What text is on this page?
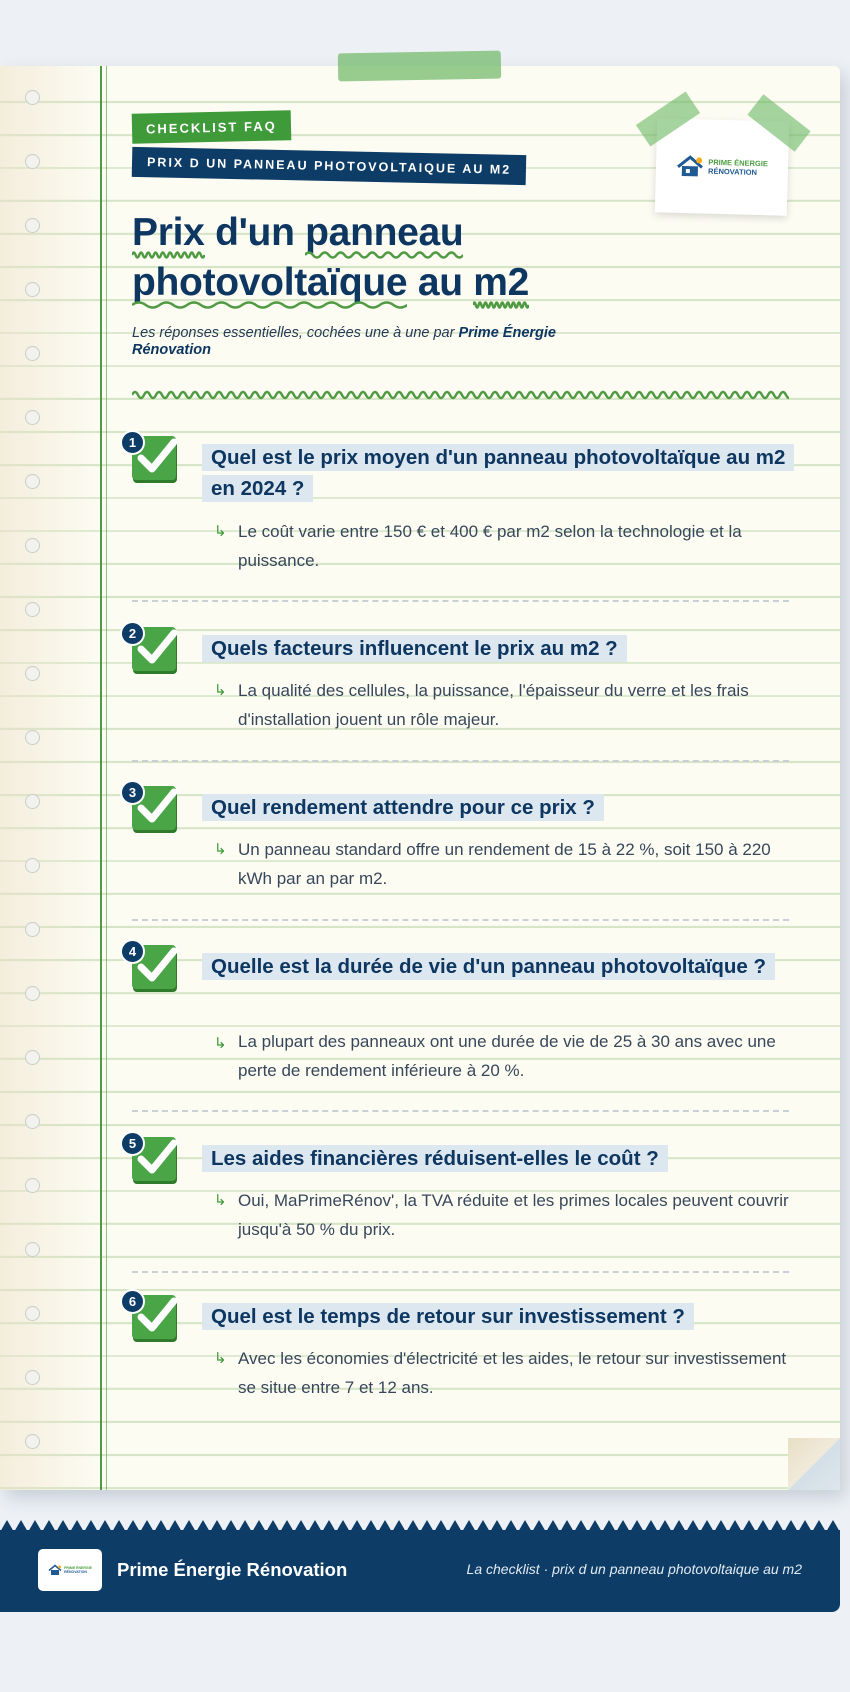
PRIME ÉNERGIE
RÉNOVATION
CHECKLIST FAQ
PRIX D UN PANNEAU PHOTOVOLTAIQUE AU M2
Prix d'un panneau

photovoltaïque au m2
Les réponses essentielles, cochées une à une par Prime Énergie Rénovation
1
Quel est le prix moyen d'un panneau photovoltaïque au m2 en 2024 ?
↳ Le coût varie entre 150 € et 400 € par m2 selon la technologie et la puissance.
2
Quels facteurs influencent le prix au m2 ?
↳ La qualité des cellules, la puissance, l'épaisseur du verre et les frais d'installation jouent un rôle majeur.
3
Quel rendement attendre pour ce prix ?
↳ Un panneau standard offre un rendement de 15 à 22 %, soit 150 à 220 kWh par an par m2.
4
Quelle est la durée de vie d'un panneau photovoltaïque ?
↳ La plupart des panneaux ont une durée de vie de 25 à 30 ans avec une perte de rendement inférieure à 20 %.
5
Les aides financières réduisent-elles le coût ?
↳ Oui, MaPrimeRénov', la TVA réduite et les primes locales peuvent couvrir jusqu'à 50 % du prix.
6
Quel est le temps de retour sur investissement ?
↳ Avec les économies d'électricité et les aides, le retour sur investissement se situe entre 7 et 12 ans.
PRIME ÉNERGIE
RÉNOVATION Prime Énergie Rénovation	La checklist · prix d un panneau photovoltaique au m2
